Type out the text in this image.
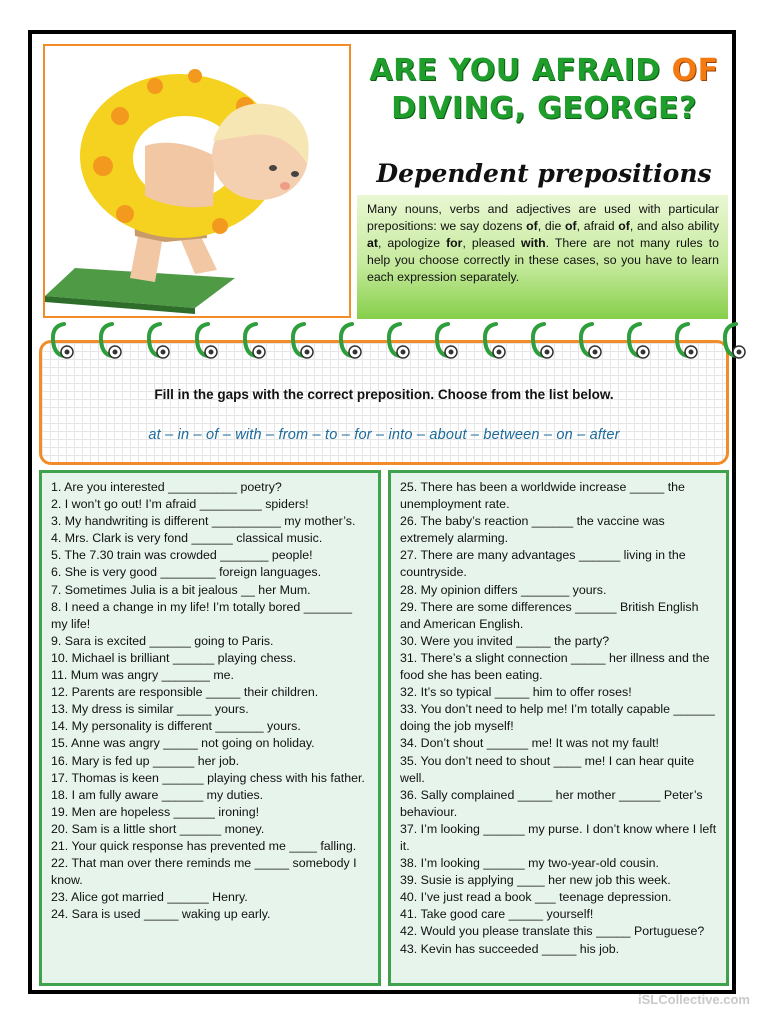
ARE YOU AFRAID OF
DIVING, GEORGE?
Dependent prepositions
Many nouns, verbs and adjectives are used with particular prepositions: we say dozens of, die of, afraid of, and also ability at, apologize for, pleased with. There are not many rules to help you choose correctly in these cases, so you have to learn each expression separately.
Fill in the gaps with the correct preposition. Choose from the list below.
at – in – of – with – from – to – for – into – about – between – on – after

1. Are you interested __________ poetry?

2. I won’t go out! I’m afraid _________ spiders!

3. My handwriting is different __________ my mother’s.

4. Mrs. Clark is very fond ______ classical music.

5. The 7.30 train was crowded _______ people!

6. She is very good ________ foreign languages.

7. Sometimes Julia is a bit jealous __ her Mum.

8. I need a change in my life! I’m totally bored _______ my life!

9. Sara is excited ______ going to Paris.

10. Michael is brilliant ______ playing chess.

11. Mum was angry _______ me.

12. Parents are responsible _____ their children.

13. My dress is similar _____ yours.

14. My personality is different _______ yours.

15. Anne was angry _____ not going on holiday.

16. Mary is fed up ______ her job.

17. Thomas is keen ______ playing chess with his father.

18. I am fully aware ______ my duties.

19. Men are hopeless ______ ironing!

20. Sam is a little short ______ money.

21. Your quick response has prevented me ____ falling.

22. That man over there reminds me _____ somebody I know.

23. Alice got married ______ Henry.

24. Sara is used _____ waking up early.

25. There has been a worldwide increase _____ the unemployment rate.

26. The baby’s reaction ______ the vaccine was extremely alarming.

27. There are many advantages ______ living in the countryside.

28. My opinion differs _______ yours.

29. There are some differences ______ British English and American English.

30. Were you invited _____ the party?

31. There’s a slight connection _____ her illness and the food she has been eating.

32. It’s so typical _____ him to offer roses!

33. You don’t need to help me! I’m totally capable ______ doing the job myself!

34. Don’t shout ______ me! It was not my fault!

35. You don’t need to shout ____ me! I can hear quite well.

36. Sally complained _____ her mother ______ Peter’s behaviour.

37. I’m looking ______ my purse. I don’t know where I left it.

38. I’m looking ______ my two-year-old cousin.

39. Susie is applying ____ her new job this week.

40. I’ve just read a book ___ teenage depression.

41. Take good care _____ yourself!

42. Would you please translate this _____ Portuguese?

43. Kevin has succeeded _____ his job.

iSLCollective.com
